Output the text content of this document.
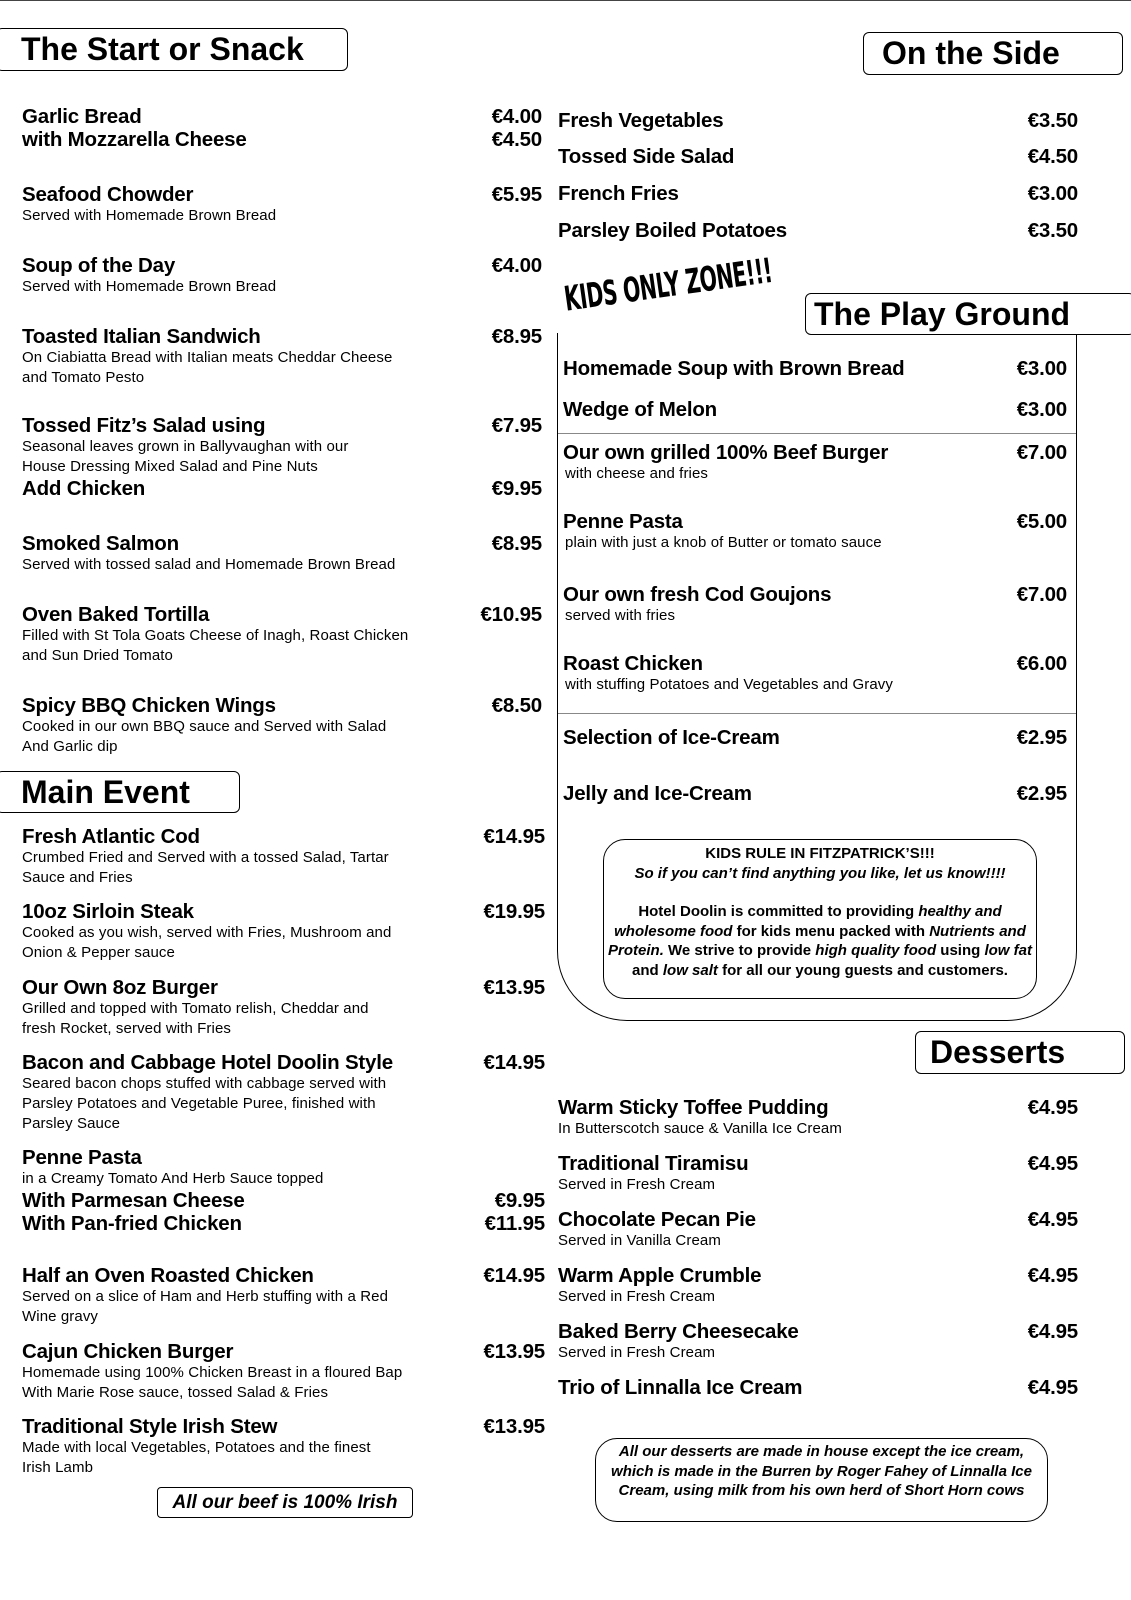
The Start or Snack
Garlic Bread	€4.00
with Mozzarella Cheese	€4.50
Seafood Chowder	€5.95
Served with Homemade Brown Bread
Soup of the Day	€4.00
Served with Homemade Brown Bread
Toasted Italian Sandwich	€8.95
On Ciabiatta Bread with Italian meats Cheddar Cheese
and Tomato Pesto
Tossed Fitz’s Salad using	€7.95
Seasonal leaves grown in Ballyvaughan with our
House Dressing Mixed Salad and Pine Nuts
Add Chicken	€9.95
Smoked Salmon	€8.95
Served with tossed salad and Homemade Brown Bread
Oven Baked Tortilla	€10.95
Filled with St Tola Goats Cheese of Inagh, Roast Chicken
and Sun Dried Tomato
Spicy BBQ Chicken Wings	€8.50
Cooked in our own BBQ sauce and Served with Salad
And Garlic dip
Main Event
Fresh Atlantic Cod	€14.95
Crumbed Fried and Served with a tossed Salad, Tartar
Sauce and Fries
10oz Sirloin Steak	€19.95
Cooked as you wish, served with Fries, Mushroom and
Onion & Pepper sauce
Our Own 8oz Burger	€13.95
Grilled and topped with Tomato relish, Cheddar and
fresh Rocket, served with Fries
Bacon and Cabbage Hotel Doolin Style	€14.95
Seared bacon chops stuffed with cabbage served with
Parsley Potatoes and Vegetable Puree, finished with
Parsley Sauce
Penne Pasta
in a Creamy Tomato And Herb Sauce topped
With Parmesan Cheese	€9.95
With Pan-fried Chicken	€11.95
Half an Oven Roasted Chicken	€14.95
Served on a slice of Ham and Herb stuffing with a Red
Wine gravy
Cajun Chicken Burger	€13.95
Homemade using 100% Chicken Breast in a floured Bap
With Marie Rose sauce, tossed Salad & Fries
Traditional Style Irish Stew	€13.95
Made with local Vegetables, Potatoes and the finest
Irish Lamb
All our beef is 100% Irish
On the Side
Fresh Vegetables	€3.50
Tossed Side Salad	€4.50
French Fries	€3.00
Parsley Boiled Potatoes	€3.50
KIDS ONLY ZONE!!! The Play Ground
Homemade Soup with Brown Bread	€3.00
Wedge of Melon	€3.00
Our own grilled 100% Beef Burger	€7.00
with cheese and fries
Penne Pasta	€5.00
plain with just a knob of Butter or tomato sauce
Our own fresh Cod Goujons	€7.00
served with fries
Roast Chicken	€6.00
with stuffing Potatoes and Vegetables and Gravy
Selection of Ice-Cream	€2.95
Jelly and Ice-Cream	€2.95
KIDS RULE IN FITZPATRICK’S!!!
So if you can’t find anything you like, let us know!!!!
Hotel Doolin is committed to providing healthy and wholesome food for kids menu packed with Nutrients and Protein. We strive to provide high quality food using low fat and low salt for all our young guests and customers.
Desserts
Warm Sticky Toffee Pudding	€4.95
In Butterscotch sauce & Vanilla Ice Cream
Traditional Tiramisu	€4.95
Served in Fresh Cream
Chocolate Pecan Pie	€4.95
Served in Vanilla Cream
Warm Apple Crumble	€4.95
Served in Fresh Cream
Baked Berry Cheesecake	€4.95
Served in Fresh Cream
Trio of Linnalla Ice Cream	€4.95
All our desserts are made in house except the ice cream, which is made in the Burren by Roger Fahey of Linnalla Ice Cream, using milk from his own herd of Short Horn cows
